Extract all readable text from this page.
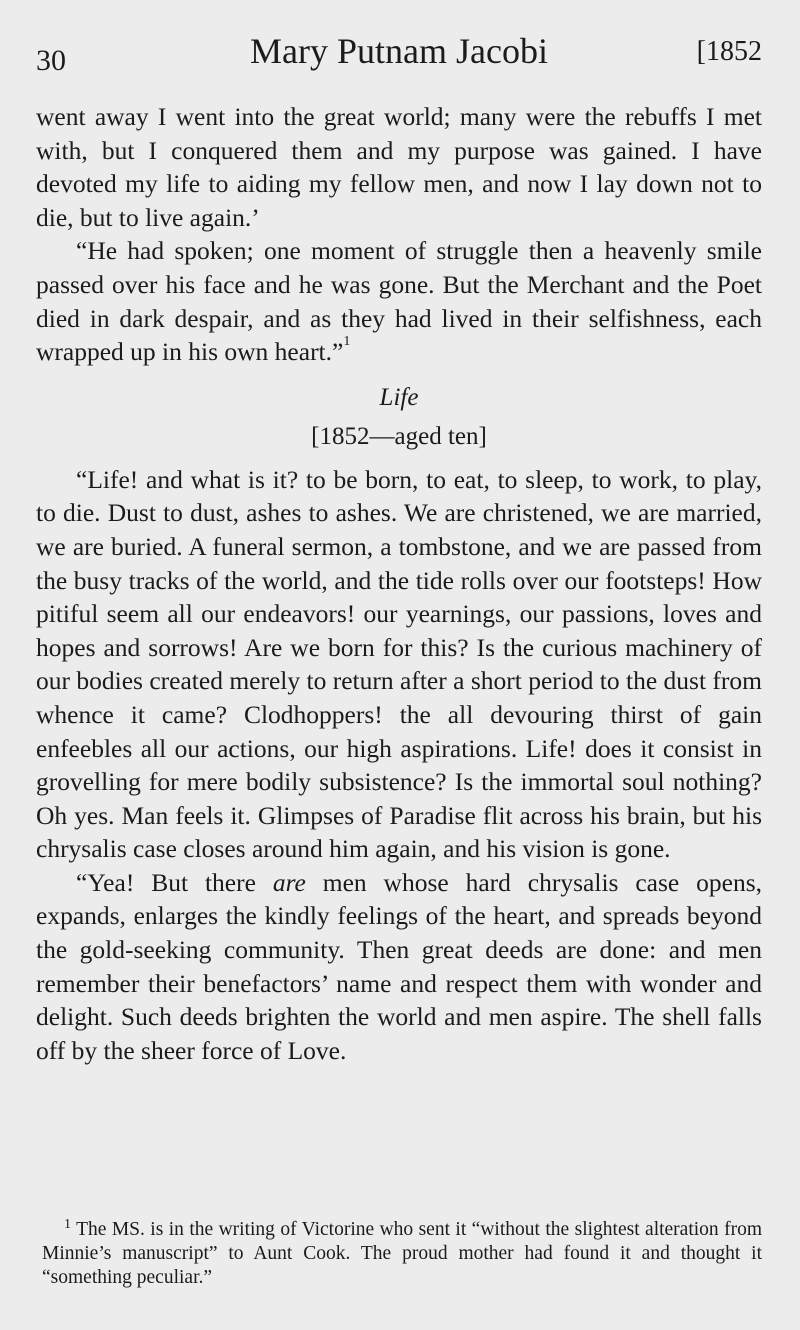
30	Mary Putnam Jacobi	[1852

went away I went into the great world; many were the rebuffs I met with, but I conquered them and my purpose was gained. I have devoted my life to aiding my fellow men, and now I lay down not to die, but to live again.’

“He had spoken; one moment of struggle then a heavenly smile passed over his face and he was gone. But the Merchant and the Poet died in dark despair, and as they had lived in their selfishness, each wrapped up in his own heart.”$^1$

Life
[1852—aged ten]

“Life! and what is it? to be born, to eat, to sleep, to work, to play, to die. Dust to dust, ashes to ashes. We are christened, we are married, we are buried. A funeral sermon, a tombstone, and we are passed from the busy tracks of the world, and the tide rolls over our footsteps! How pitiful seem all our endeavors! our yearnings, our passions, loves and hopes and sorrows! Are we born for this? Is the curious machinery of our bodies created merely to return after a short period to the dust from whence it came? Clodhoppers! the all devouring thirst of gain enfeebles all our actions, our high aspirations. Life! does it consist in grovelling for mere bodily subsistence? Is the immortal soul nothing? Oh yes. Man feels it. Glimpses of Paradise flit across his brain, but his chrysalis case closes around him again, and his vision is gone.

“Yea! But there are men whose hard chrysalis case opens, expands, enlarges the kindly feelings of the heart, and spreads beyond the gold-seeking community. Then great deeds are done: and men remember their benefactors’ name and respect them with wonder and delight. Such deeds brighten the world and men aspire. The shell falls off by the sheer force of Love.

$^1$ The MS. is in the writing of Victorine who sent it “without the slightest alteration from Minnie’s manuscript” to Aunt Cook. The proud mother had found it and thought it “something peculiar.”
